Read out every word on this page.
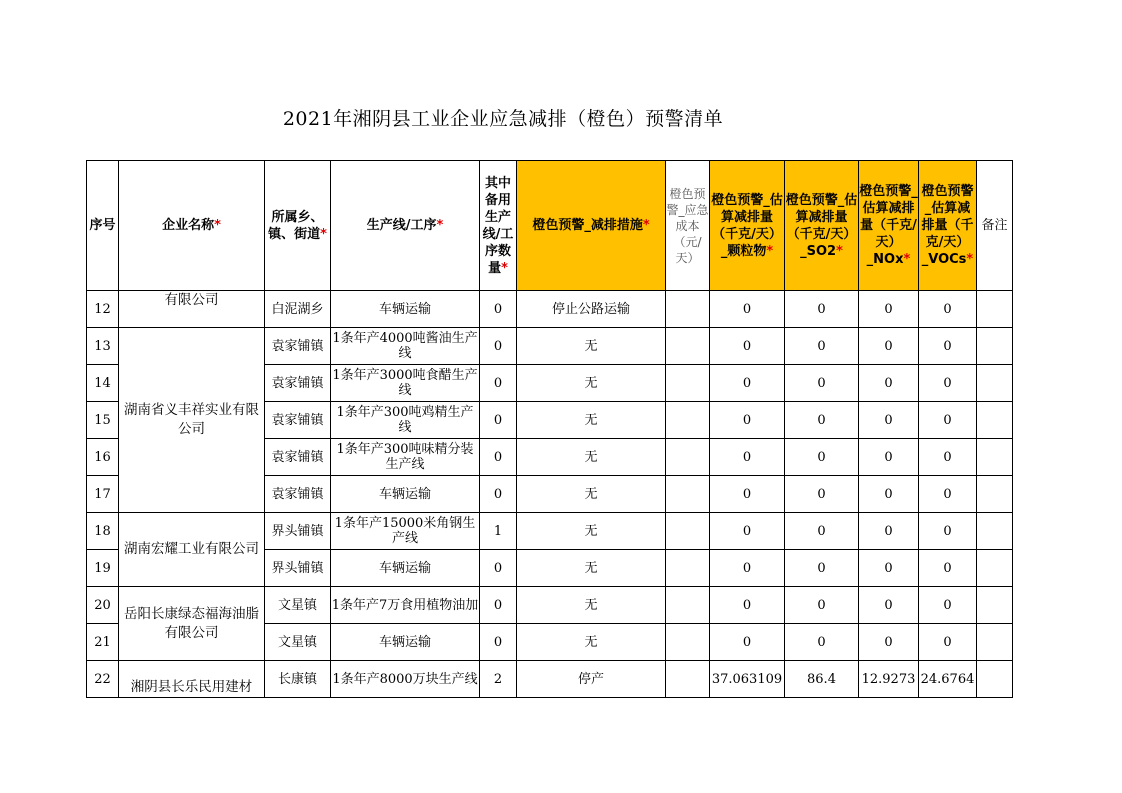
2021年湘阴县工业企业应急减排（橙色）预警清单
序号	企业名称*	所属乡、镇、街道*	生产线/工序*	其中备用生产线/工序数量*	橙色预警_减排措施*	橙色预警_应急成本（元/天）	橙色预警_估算减排量（千克/天）_颗粒物*	橙色预警_估算减排量（千克/天）_SO2*	橙色预警_估算减排量（千克/天）_NOx*	橙色预警_估算减排量（千克/天）_VOCs*	备注
12	有限公司	白泥湖乡	车辆运输	0	停止公路运输		0	0	0	0	
13	湖南省义丰祥实业有限公司	袁家铺镇	1条年产4000吨酱油生产线	0	无		0	0	0	0	
14		袁家铺镇	1条年产3000吨食醋生产线	0	无		0	0	0	0	
15		袁家铺镇	1条年产300吨鸡精生产线	0	无		0	0	0	0	
16		袁家铺镇	1条年产300吨味精分装生产线	0	无		0	0	0	0	
17		袁家铺镇	车辆运输	0	无		0	0	0	0	
18	湖南宏耀工业有限公司	界头铺镇	1条年产15000米角钢生产线	1	无		0	0	0	0	
19		界头铺镇	车辆运输	0	无		0	0	0	0	
20	岳阳长康绿态福海油脂有限公司	文星镇	1条年产7万食用植物油加	0	无		0	0	0	0	
21		文星镇	车辆运输	0	无		0	0	0	0	
22	湘阴县长乐民用建材	长康镇	1条年产8000万块生产线	2	停产		37.063109	86.4	12.9273	24.6764	
